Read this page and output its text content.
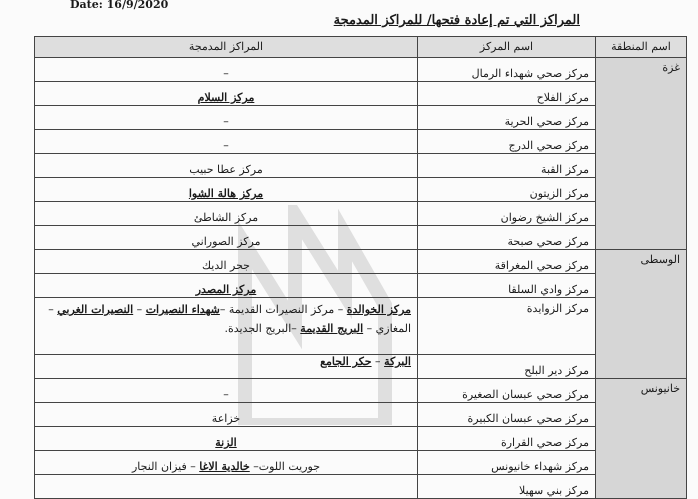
Date: 16/9/2020
المراكز التي تم إعادة فتحها/ للمراكز المدمجة
اسم المنطقة	اسم المركز	المراكز المدمجة
غزة	مركز صحي شهداء الرمال	–
	مركز الفلاح	مركز السلام
	مركز صحي الحرية	–
	مركز صحي الدرج	–
	مركز القبة	مركز عطا حبيب
	مركز الزيتون	مركز هالة الشوا
	مركز الشيخ رضوان	مركز الشاطئ
	مركز صحي صبحة	مركز الصوراني
الوسطى	مركز صحي المغراقة	جحر الديك
	مركز وادي السلقا	مركز المصدر
	مركز الزوايدة	مركز الخوالدة – مركز النصيرات القديمة –شهداء النصيرات – النصيرات الغربي – المغازي – البريج القديمة –البريج الجديدة.
	مركز دير البلح	البركة – حكر الجامع
خانيونس	مركز صحي عبسان الصغيرة	–
	مركز صحي عبسان الكبيرة	خزاعة
	مركز صحي القرارة	الزنة
	مركز شهداء خانيونس	جوريت اللوت– خالدية الاغا – فيزان النجار
	مركز بني سهيلا	
